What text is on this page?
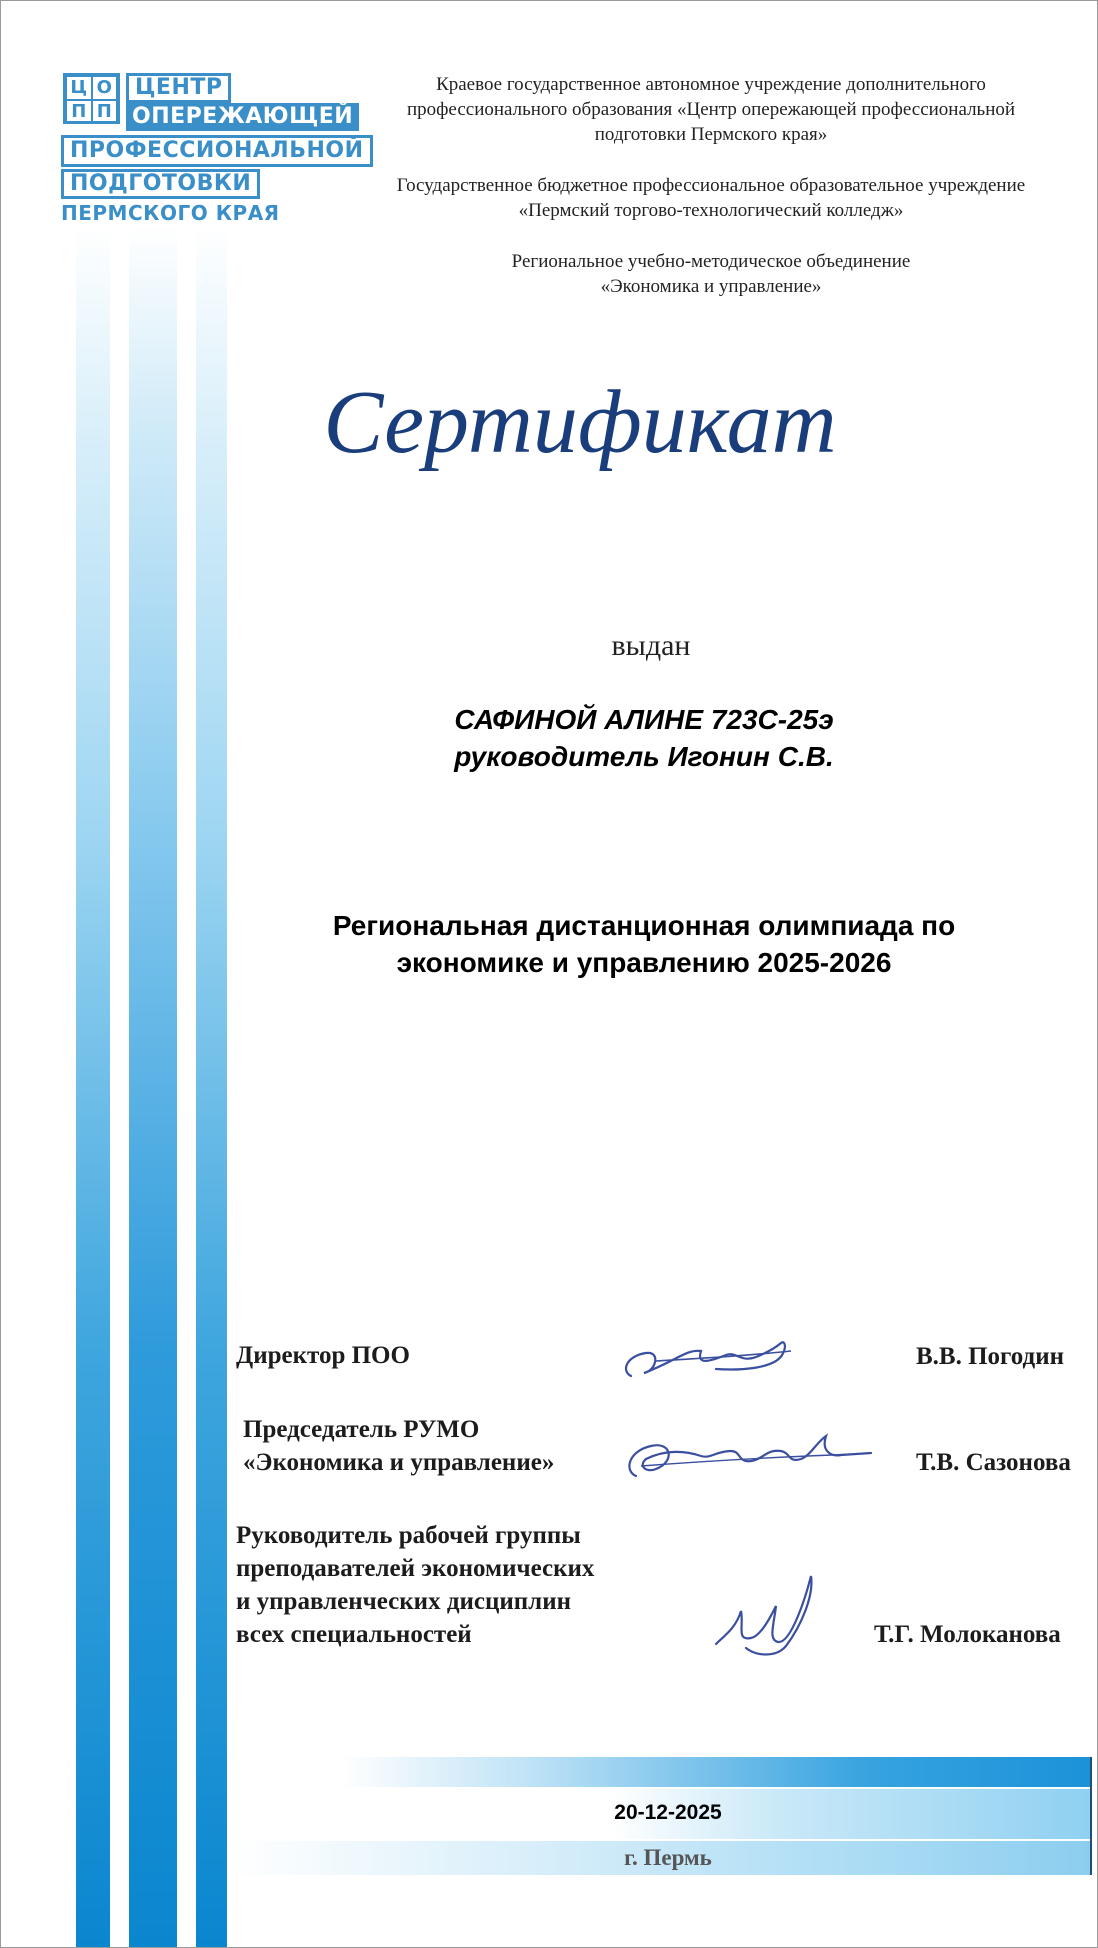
Ц О
П П
ЦЕНТР
ОПЕРЕЖАЮЩЕЙ
ПРОФЕССИОНАЛЬНОЙ
ПОДГОТОВКИ
ПЕРМСКОГО КРАЯ
Краевое государственное автономное учреждение дополнительного
профессионального образования «Центр опережающей профессиональной
подготовки Пермского края»
Государственное бюджетное профессиональное образовательное учреждение
«Пермский торгово-технологический колледж»
Региональное учебно-методическое объединение
«Экономика и управление»
Сертификат
выдан
САФИНОЙ АЛИНЕ 723С-25э
руководитель Игонин С.В.
Региональная дистанционная олимпиада по
экономике и управлению 2025-2026
Директор ПОО	В.В. Погодин
Председатель РУМО
«Экономика и управление»	Т.В. Сазонова
Руководитель рабочей группы
преподавателей экономических
и управленческих дисциплин
всех специальностей	Т.Г. Молоканова
20-12-2025
г. Пермь
